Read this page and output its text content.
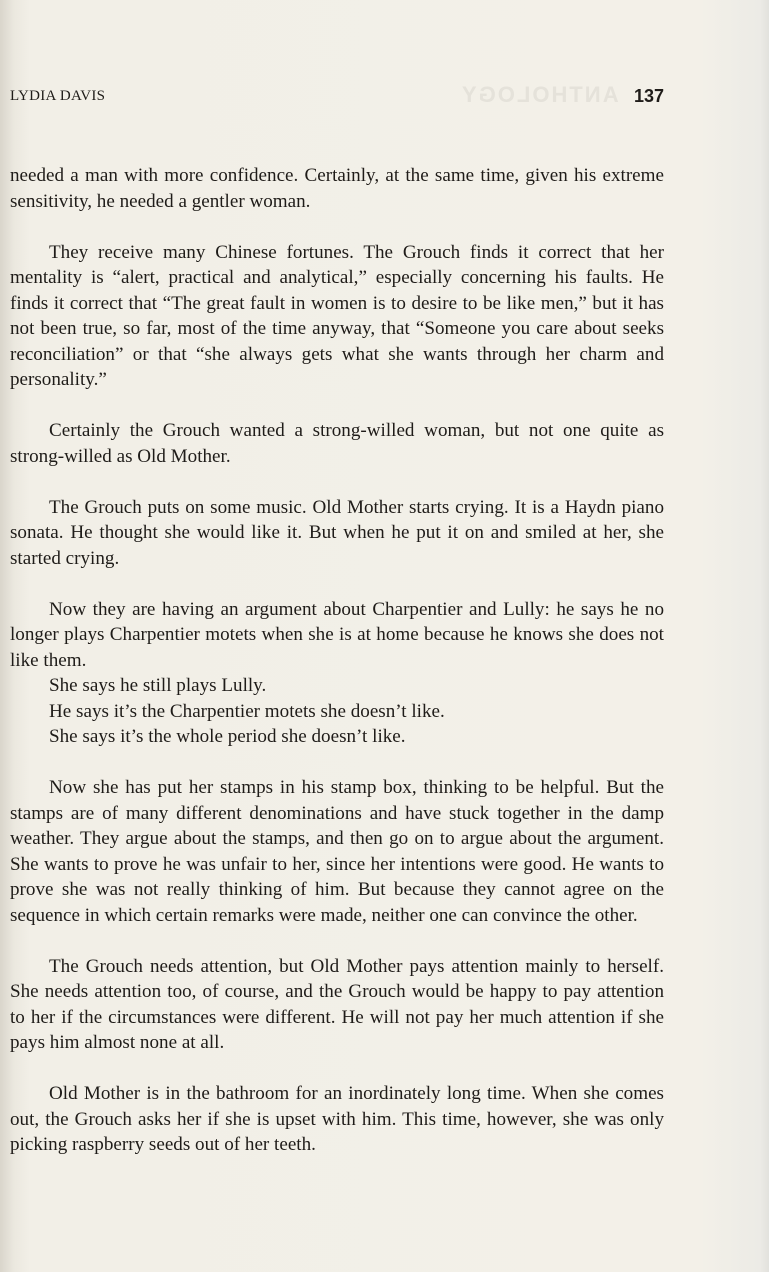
ANTHOLOGY
LYDIA DAVIS	137

needed a man with more confidence. Certainly, at the same time, given his extreme sensitivity, he needed a gentler woman.

They receive many Chinese fortunes. The Grouch finds it correct that her mentality is “alert, practical and analytical,” especially concerning his faults. He finds it correct that “The great fault in women is to desire to be like men,” but it has not been true, so far, most of the time anyway, that “Someone you care about seeks reconciliation” or that “she always gets what she wants through her charm and personality.”

Certainly the Grouch wanted a strong-willed woman, but not one quite as strong-willed as Old Mother.

The Grouch puts on some music. Old Mother starts crying. It is a Haydn piano sonata. He thought she would like it. But when he put it on and smiled at her, she started crying.

Now they are having an argument about Charpentier and Lully: he says he no longer plays Charpentier motets when she is at home because he knows she does not like them.

She says he still plays Lully.

He says it’s the Charpentier motets she doesn’t like.

She says it’s the whole period she doesn’t like.

Now she has put her stamps in his stamp box, thinking to be helpful. But the stamps are of many different denominations and have stuck together in the damp weather. They argue about the stamps, and then go on to argue about the argument. She wants to prove he was unfair to her, since her intentions were good. He wants to prove she was not really thinking of him. But because they cannot agree on the sequence in which certain remarks were made, neither one can convince the other.

The Grouch needs attention, but Old Mother pays attention mainly to herself. She needs attention too, of course, and the Grouch would be happy to pay attention to her if the circumstances were different. He will not pay her much attention if she pays him almost none at all.

Old Mother is in the bathroom for an inordinately long time. When she comes out, the Grouch asks her if she is upset with him. This time, however, she was only picking raspberry seeds out of her teeth.
